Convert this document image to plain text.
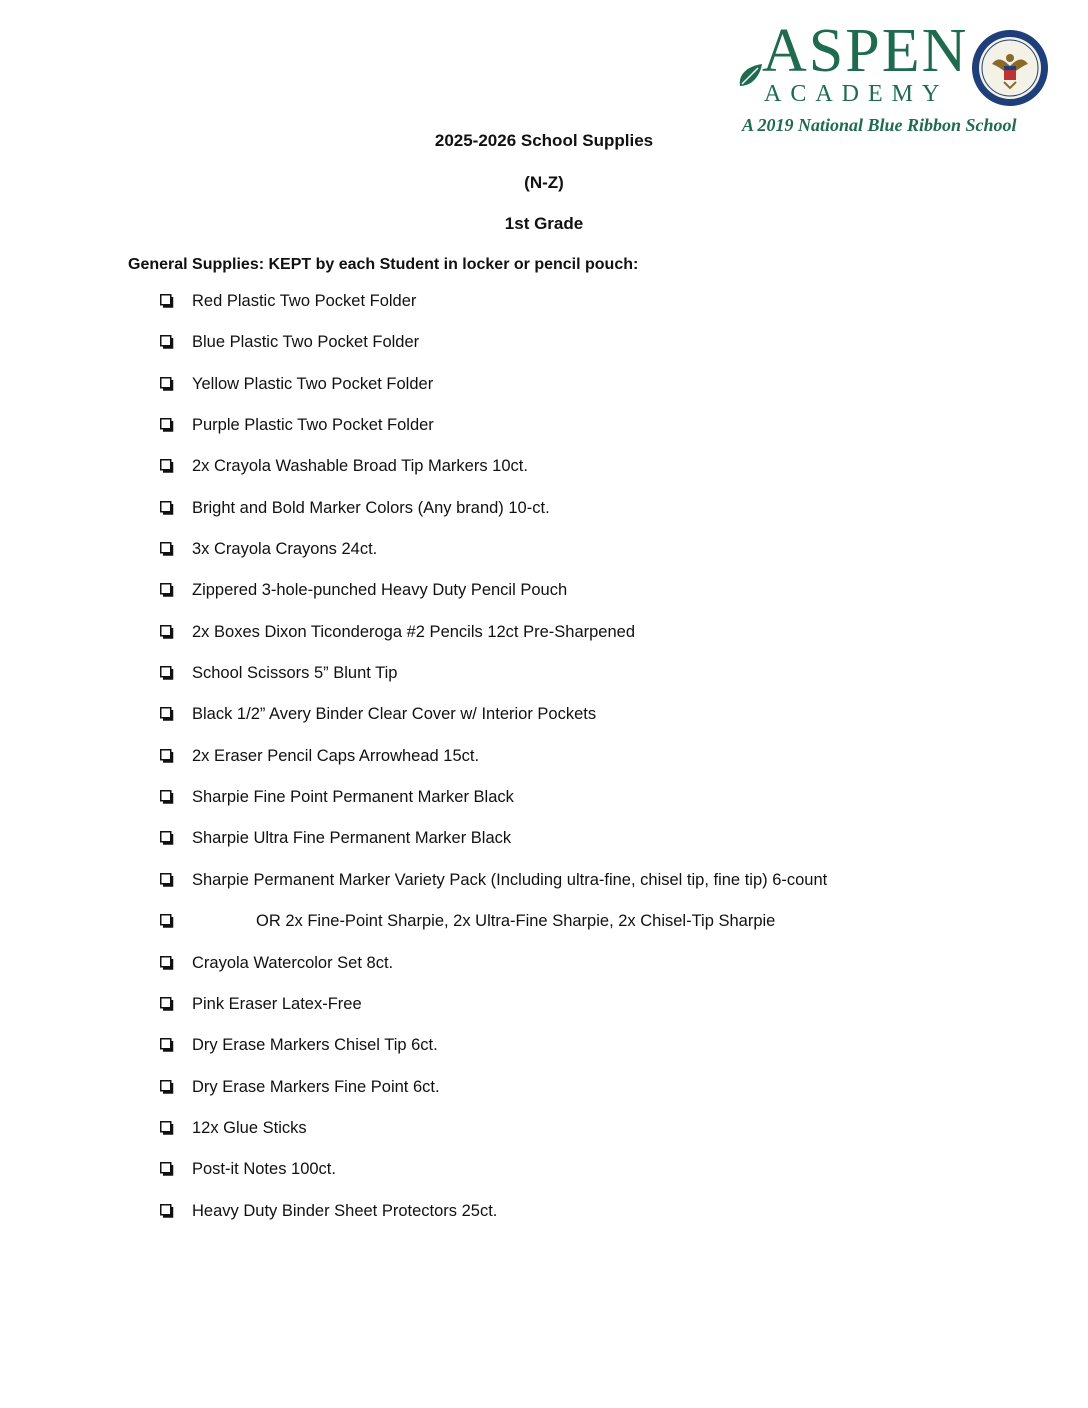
ASPEN
ACADEMY
A 2019 National Blue Ribbon School
2025-2026 School Supplies
(N-Z)
1st Grade
General Supplies: KEPT by each Student in locker or pencil pouch:
Red Plastic Two Pocket Folder
Blue Plastic Two Pocket Folder
Yellow Plastic Two Pocket Folder
Purple Plastic Two Pocket Folder
2x Crayola Washable Broad Tip Markers 10ct.
Bright and Bold Marker Colors (Any brand) 10-ct.
3x Crayola Crayons 24ct.
Zippered 3-hole-punched Heavy Duty Pencil Pouch
2x Boxes Dixon Ticonderoga #2 Pencils 12ct Pre-Sharpened
School Scissors 5” Blunt Tip
Black 1/2” Avery Binder Clear Cover w/ Interior Pockets
2x Eraser Pencil Caps Arrowhead 15ct.
Sharpie Fine Point Permanent Marker Black
Sharpie Ultra Fine Permanent Marker Black
Sharpie Permanent Marker Variety Pack (Including ultra-fine, chisel tip, fine tip) 6-count
OR 2x Fine-Point Sharpie, 2x Ultra-Fine Sharpie, 2x Chisel-Tip Sharpie
Crayola Watercolor Set 8ct.
Pink Eraser Latex-Free
Dry Erase Markers Chisel Tip 6ct.
Dry Erase Markers Fine Point 6ct.
12x Glue Sticks
Post-it Notes 100ct.
Heavy Duty Binder Sheet Protectors 25ct.
